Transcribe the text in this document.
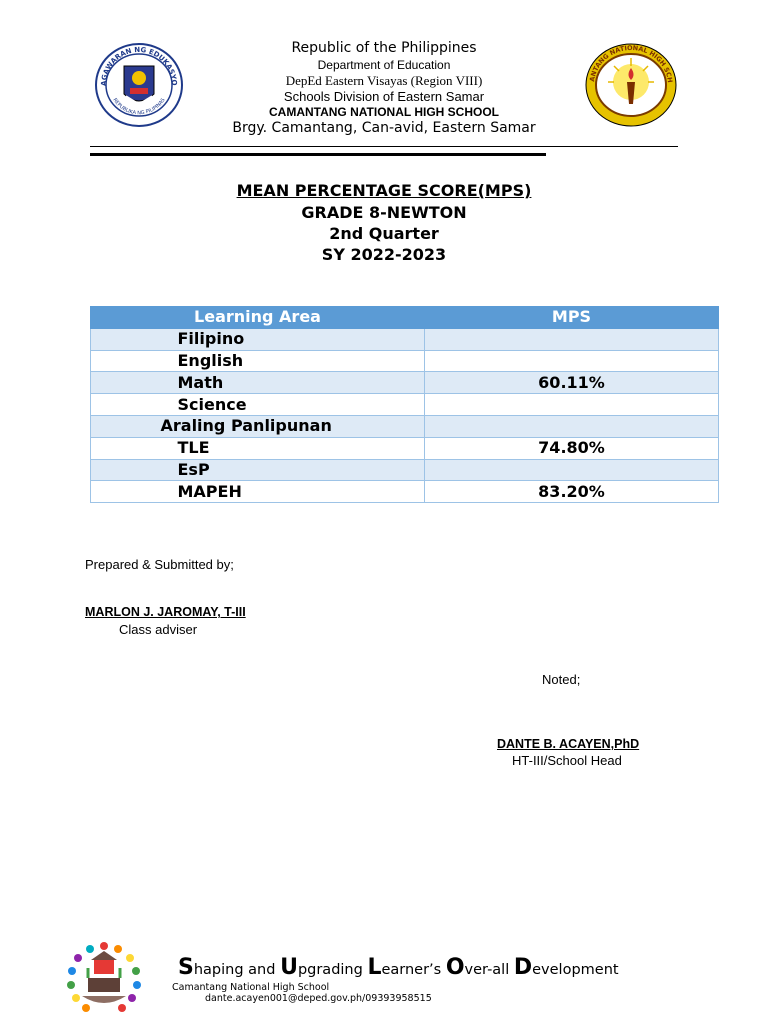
AGAWARAN NG EDUKASYO
REPUBLIKA NG PILIPINAS
ANTANG NATIONAL HIGH SCH
Republic of the Philippines
Department of Education
DepEd Eastern Visayas (Region VIII)
Schools Division of Eastern Samar
CAMANTANG NATIONAL HIGH SCHOOL
Brgy. Camantang, Can-avid, Eastern Samar
MEAN PERCENTAGE SCORE(MPS)
GRADE 8-NEWTON
2nd Quarter
SY 2022-2023
Learning Area	MPS
Filipino	
English	
Math	60.11%
Science	
Araling Panlipunan	
TLE	74.80%
EsP	
MAPEH	83.20%
Prepared & Submitted by;
MARLON J. JAROMAY, T-III
Class adviser
Noted;
DANTE B. ACAYEN,PhD
HT-III/School Head
Shaping and Upgrading Learner’s Over-all Development
Camantang National High School
dante.acayen001@deped.gov.ph/09393958515
